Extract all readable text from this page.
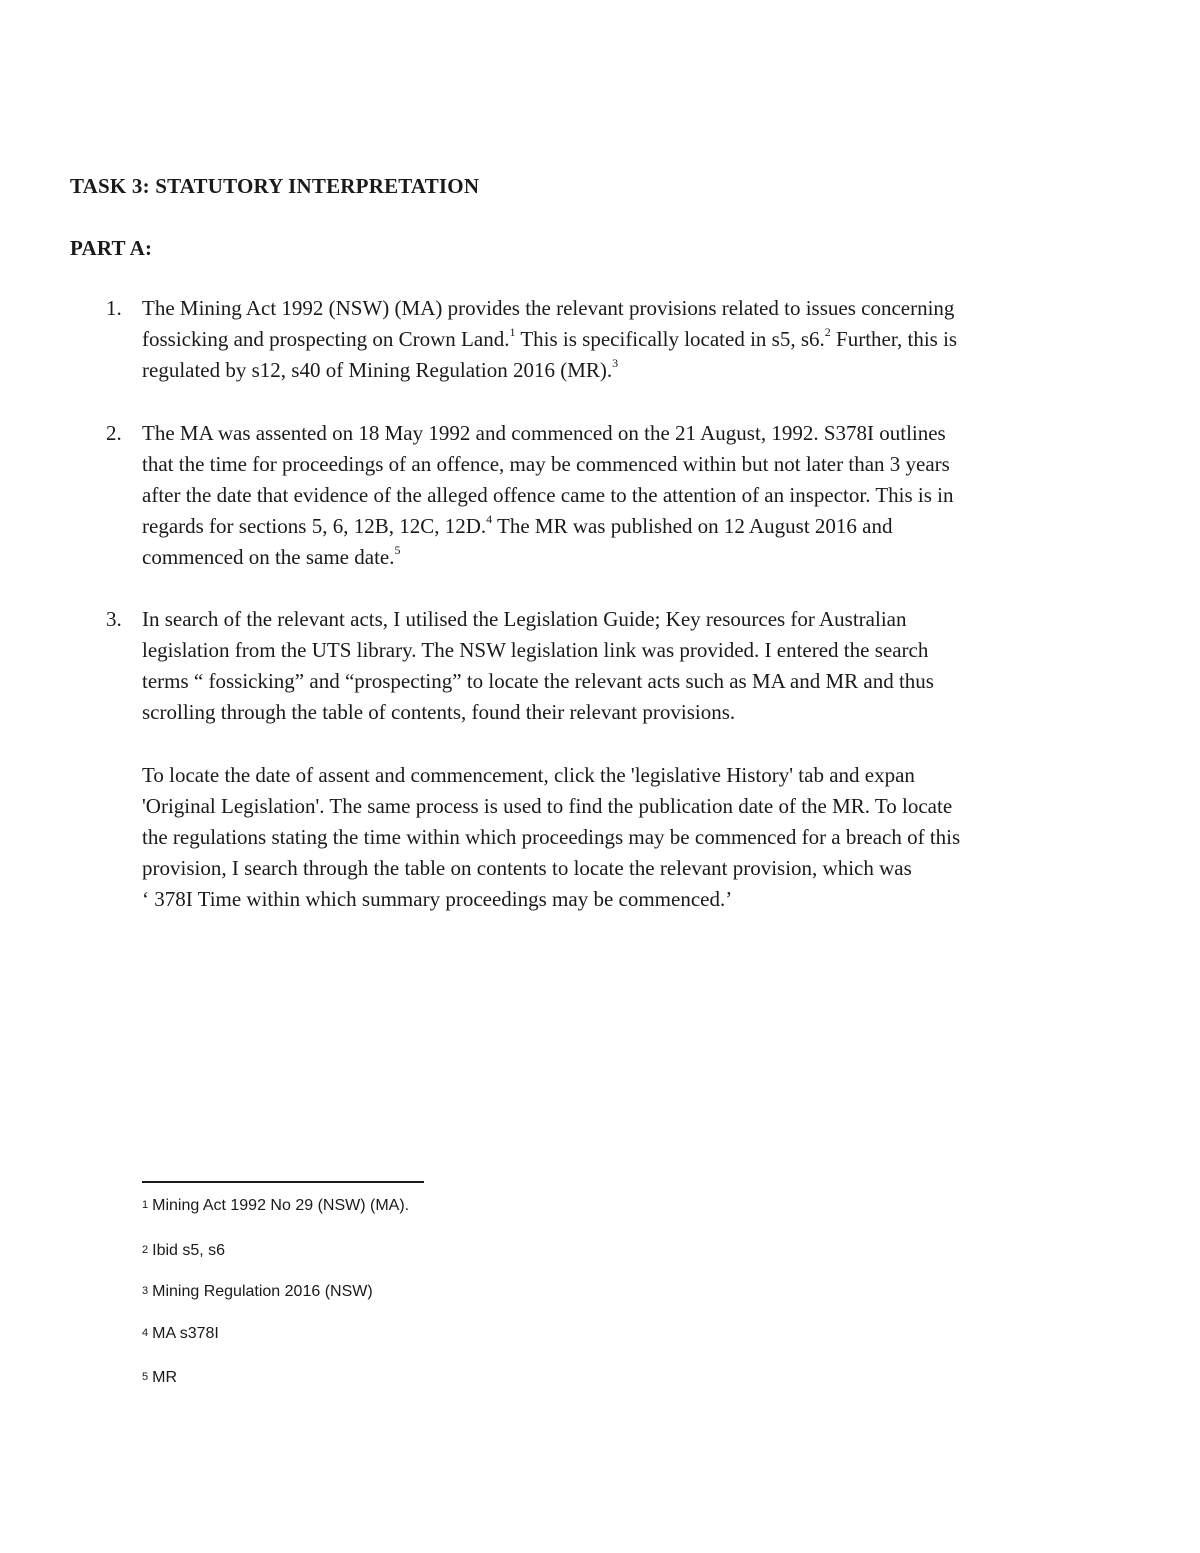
TASK 3: STATUTORY INTERPRETATION
PART A:
1. The Mining Act 1992 (NSW) (MA) provides the relevant provisions related to issues concerning
fossicking and prospecting on Crown Land.$^1$ This is specifically located in s5, s6.$^2$ Further, this is
regulated by s12, s40 of Mining Regulation 2016 (MR).$^3$
2. The MA was assented on 18 May 1992 and commenced on the 21 August, 1992. S378I outlines
that the time for proceedings of an offence, may be commenced within but not later than 3 years
after the date that evidence of the alleged offence came to the attention of an inspector. This is in
regards for sections 5, 6, 12B, 12C, 12D.$^4$ The MR was published on 12 August 2016 and
commenced on the same date.$^5$
3. In search of the relevant acts, I utilised the Legislation Guide; Key resources for Australian
legislation from the UTS library. The NSW legislation link was provided. I entered the search
terms “ fossicking” and “prospecting” to locate the relevant acts such as MA and MR and thus
scrolling through the table of contents, found their relevant provisions.
To locate the date of assent and commencement, click the 'legislative History' tab and expan
'Original Legislation'. The same process is used to find the publication date of the MR. To locate
the regulations stating the time within which proceedings may be commenced for a breach of this
provision, I search through the table on contents to locate the relevant provision, which was
‘ 378I Time within which summary proceedings may be commenced.’
$^1$ Mining Act 1992 No 29 (NSW) (MA).
$^2$ Ibid s5, s6
$^3$ Mining Regulation 2016 (NSW)
$^4$ MA s378I
$^5$ MR
